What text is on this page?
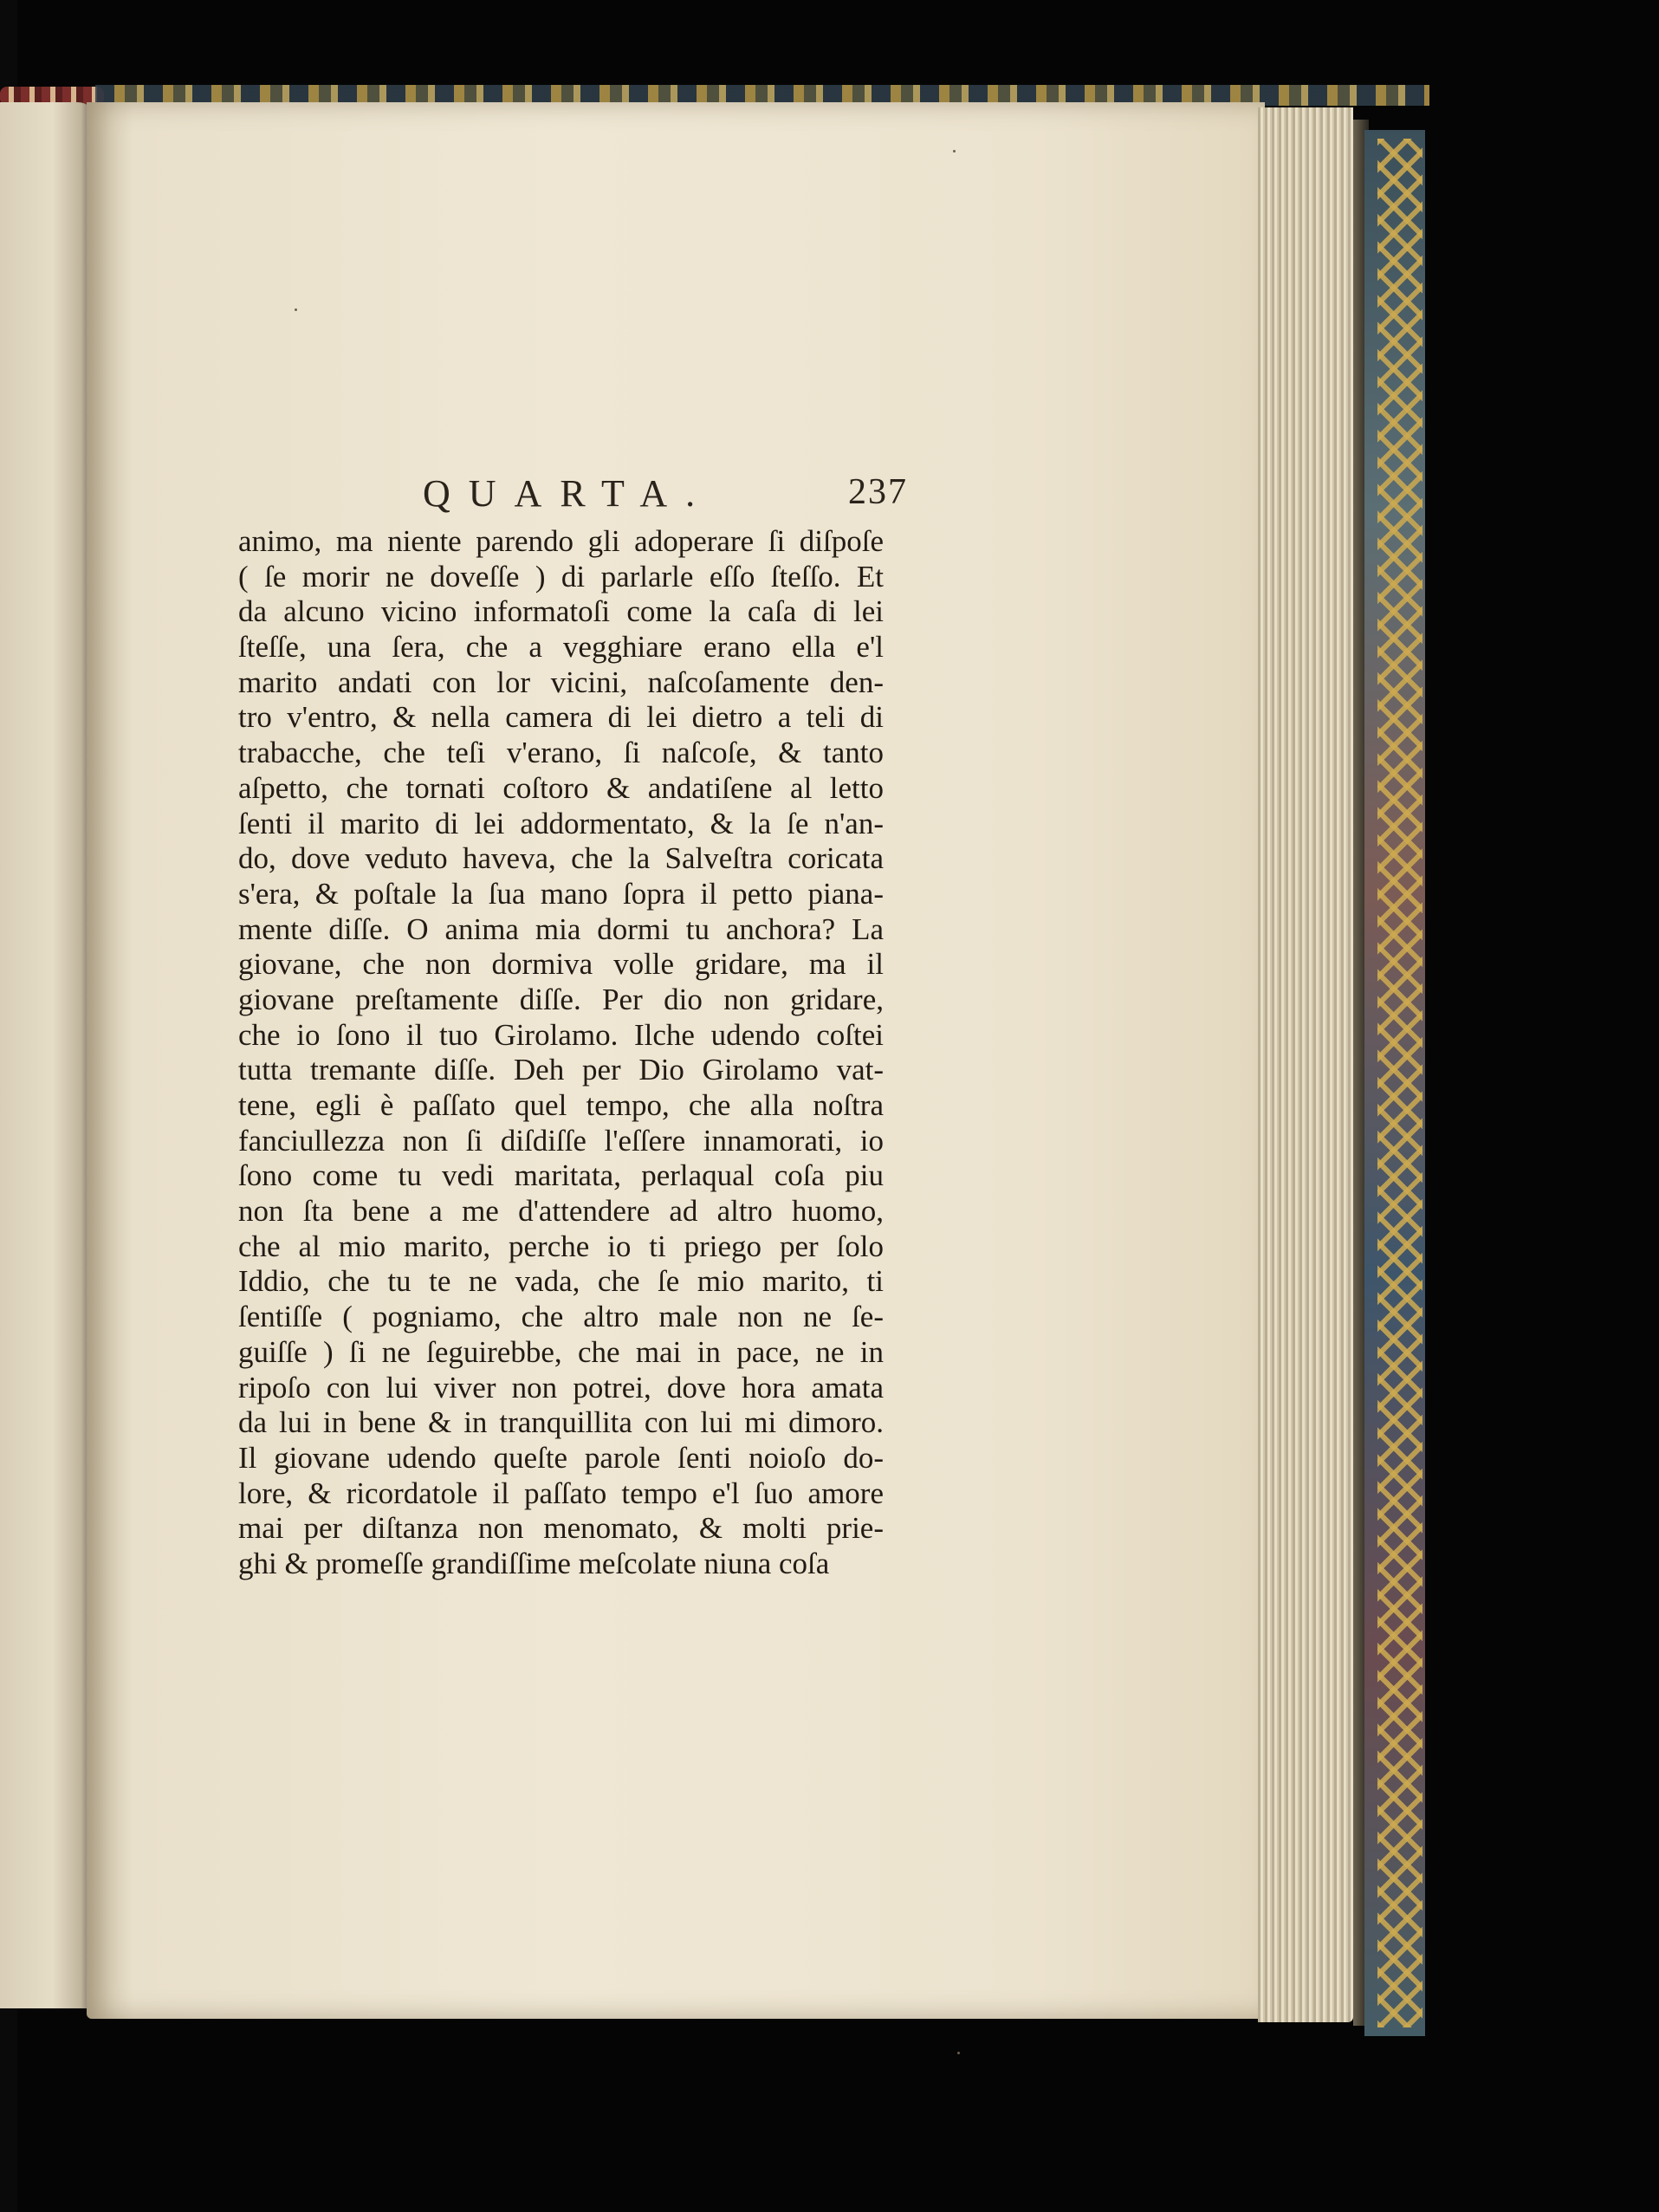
QUARTA.	237
animo, ma niente parendo gli adoperare ſi diſpoſe
( ſe morir ne doveſſe ) di parlarle eſſo ſteſſo. Et
da alcuno vicino informatoſi come la caſa di lei
ſteſſe, una ſera, che a vegghiare erano ella e'l
marito andati con lor vicini, naſcoſamente den-
tro v'entro, & nella camera di lei dietro a teli di
trabacche, che teſi v'erano, ſi naſcoſe, & tanto
aſpetto, che tornati coſtoro & andatiſene al letto
ſenti il marito di lei addormentato, & la ſe n'an-
do, dove veduto haveva, che la Salveſtra coricata
s'era, & poſtale la ſua mano ſopra il petto piana-
mente diſſe. O anima mia dormi tu anchora? La
giovane, che non dormiva volle gridare, ma il
giovane preſtamente diſſe. Per dio non gridare,
che io ſono il tuo Girolamo. Ilche udendo coſtei
tutta tremante diſſe. Deh per Dio Girolamo vat-
tene, egli è paſſato quel tempo, che alla noſtra
fanciullezza non ſi diſdiſſe l'eſſere innamorati, io
ſono come tu vedi maritata, perlaqual coſa piu
non ſta bene a me d'attendere ad altro huomo,
che al mio marito, perche io ti priego per ſolo
Iddio, che tu te ne vada, che ſe mio marito, ti
ſentiſſe ( pogniamo, che altro male non ne ſe-
guiſſe ) ſi ne ſeguirebbe, che mai in pace, ne in
ripoſo con lui viver non potrei, dove hora amata
da lui in bene & in tranquillita con lui mi dimoro.
Il giovane udendo queſte parole ſenti noioſo do-
lore, & ricordatole il paſſato tempo e'l ſuo amore
mai per diſtanza non menomato, & molti prie-
ghi & promeſſe grandiſſime meſcolate niuna coſa
